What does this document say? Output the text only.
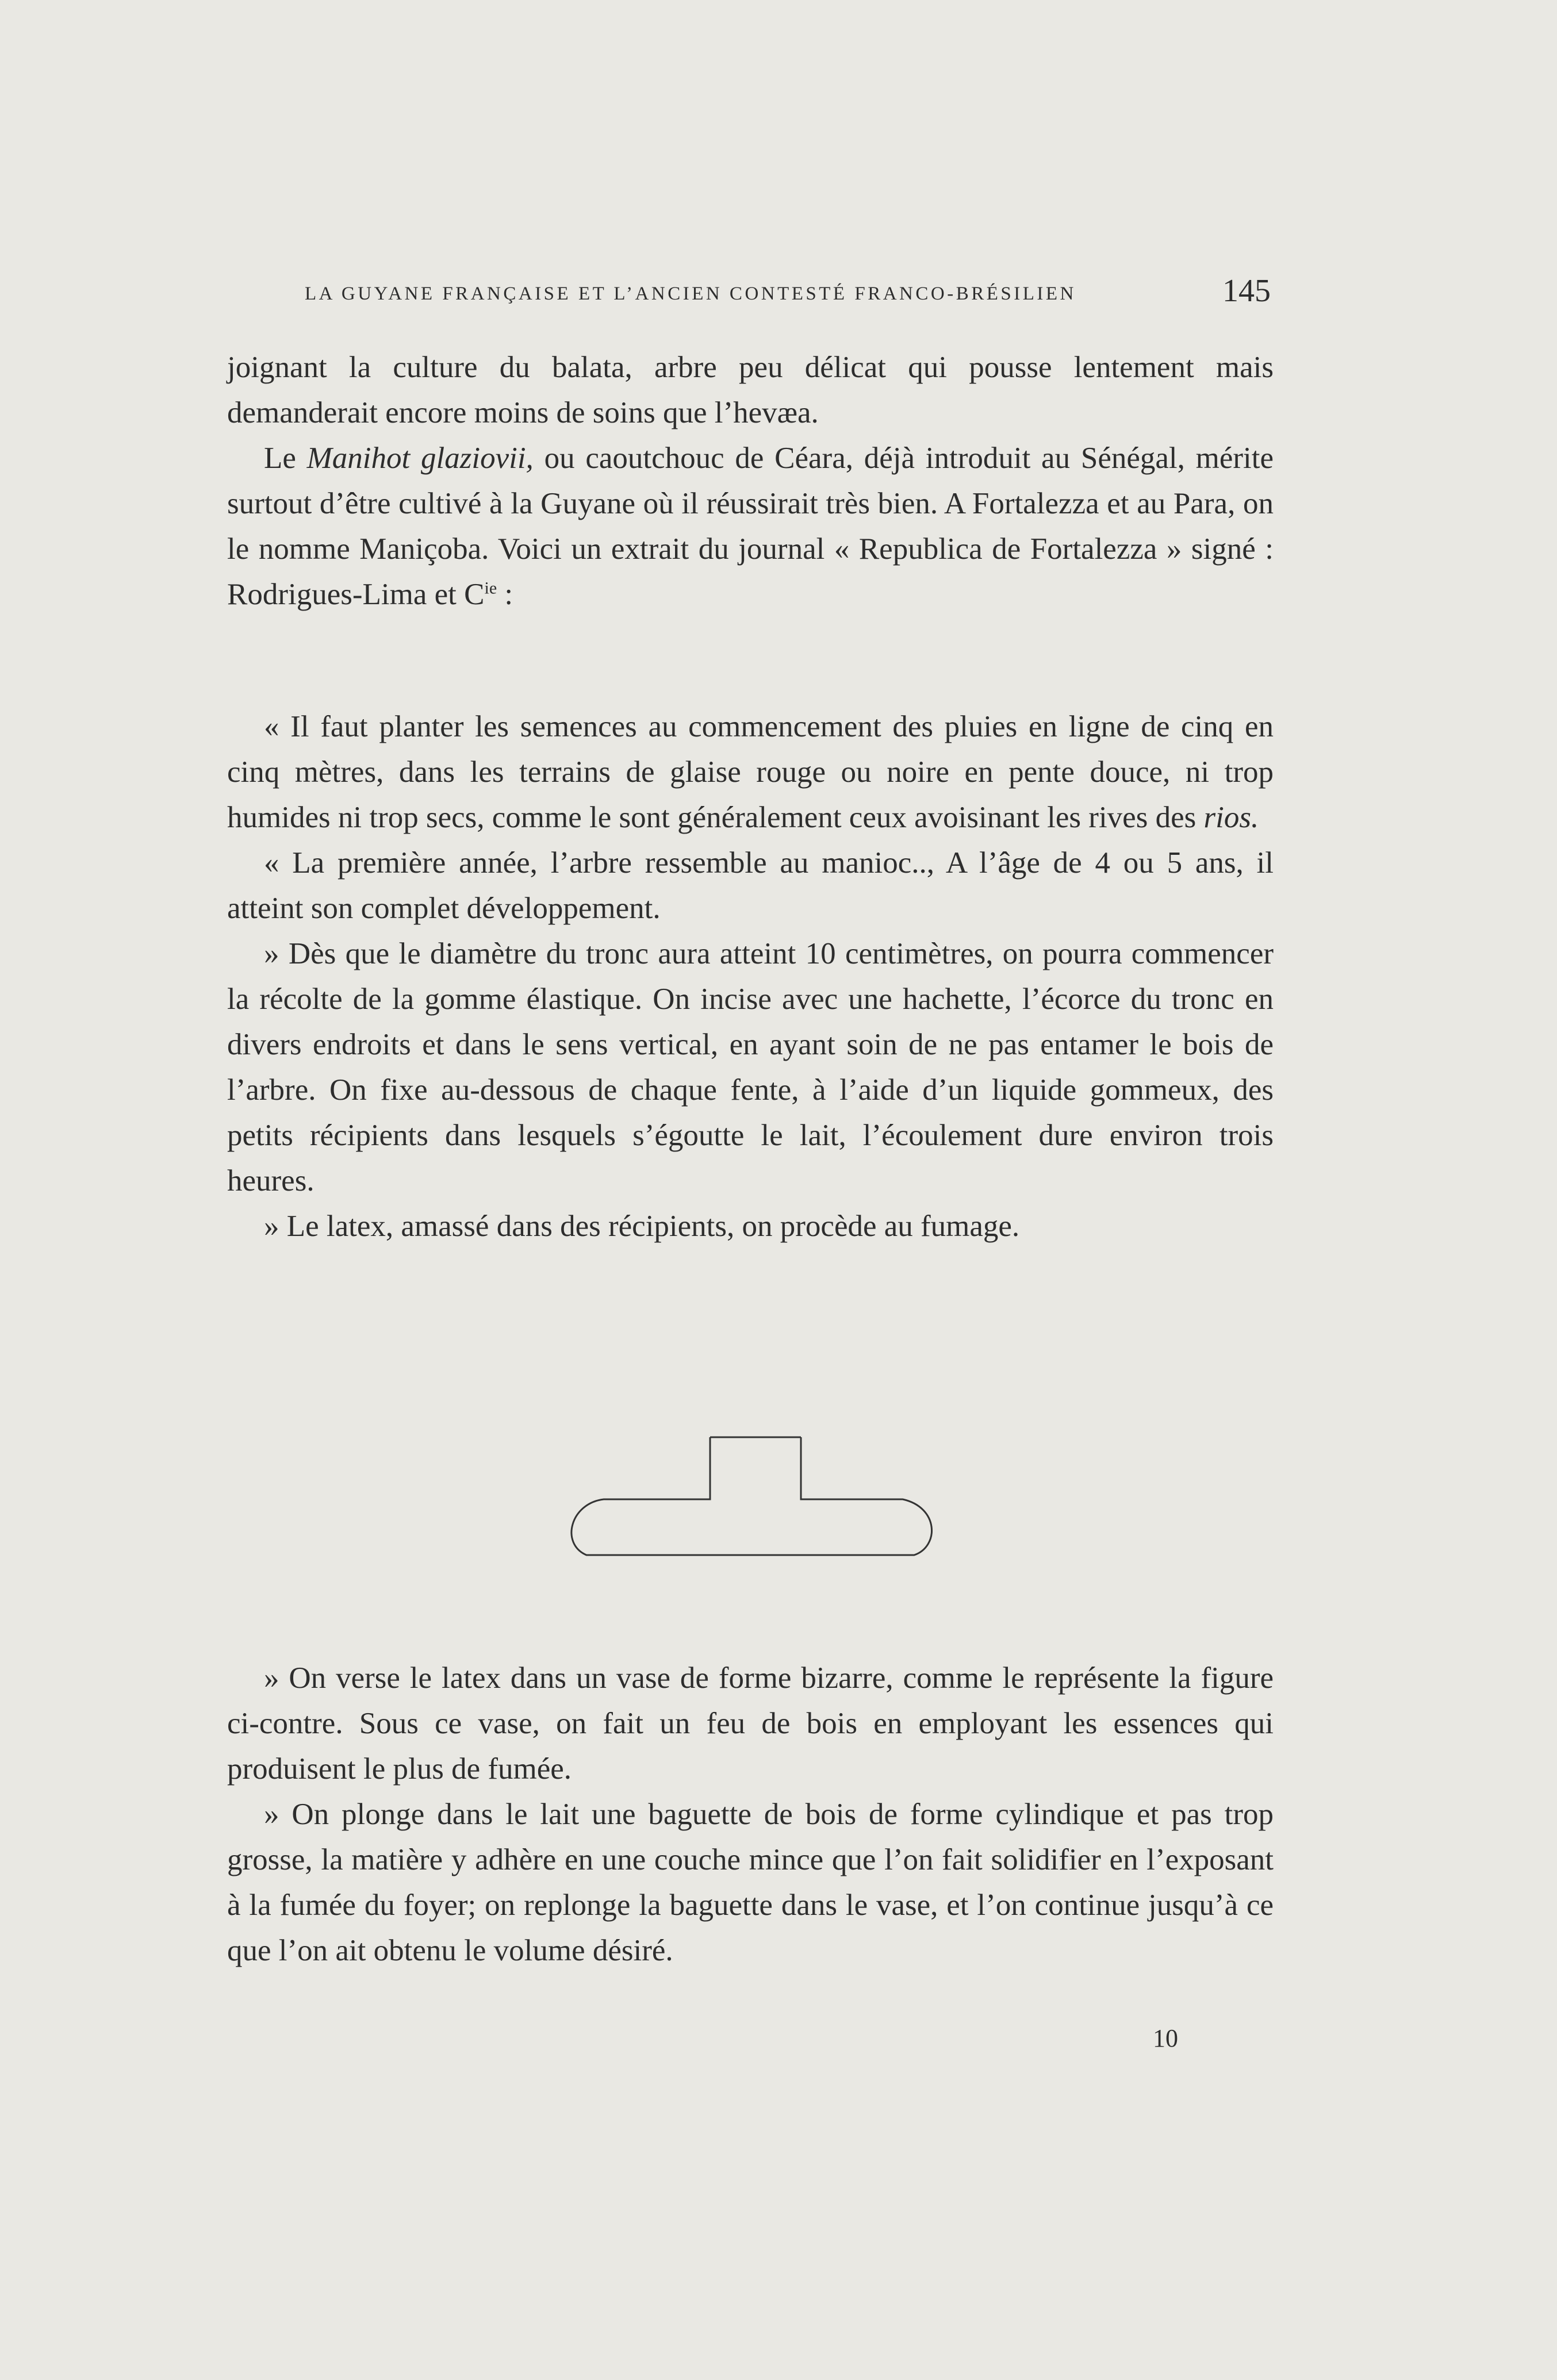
LA GUYANE FRANÇAISE ET L’ANCIEN CONTESTÉ FRANCO-BRÉSILIEN	145

joignant la culture du balata, arbre peu délicat qui pousse lentement mais demanderait encore moins de soins que l’hevæa.

Le Manihot glaziovii, ou caoutchouc de Céara, déjà introduit au Sénégal, mérite surtout d’être cultivé à la Guyane où il réussirait très bien. A Fortalezza et au Para, on le nomme Maniçoba. Voici un extrait du journal « Republica de Fortalezza » signé : Rodrigues-Lima et $C^{ie}$ :

« Il faut planter les semences au commencement des pluies en ligne de cinq en cinq mètres, dans les terrains de glaise rouge ou noire en pente douce, ni trop humides ni trop secs, comme le sont généralement ceux avoisinant les rives des rios.

« La première année, l’arbre ressemble au manioc.., A l’âge de 4 ou 5 ans, il atteint son complet développement.

» Dès que le diamètre du tronc aura atteint 10 centimètres, on pourra commencer la récolte de la gomme élastique. On incise avec une hachette, l’écorce du tronc en divers endroits et dans le sens vertical, en ayant soin de ne pas entamer le bois de l’arbre. On fixe au-dessous de chaque fente, à l’aide d’un liquide gommeux, des petits récipients dans lesquels s’égoutte le lait, l’écoulement dure environ trois heures.

» Le latex, amassé dans des récipients, on procède au fumage.

» On verse le latex dans un vase de forme bizarre, comme le représente la figure ci-contre. Sous ce vase, on fait un feu de bois en employant les essences qui produisent le plus de fumée.

» On plonge dans le lait une baguette de bois de forme cylindique et pas trop grosse, la matière y adhère en une couche mince que l’on fait solidifier en l’exposant à la fumée du foyer; on replonge la baguette dans le vase, et l’on continue jusqu’à ce que l’on ait obtenu le volume désiré.

10
